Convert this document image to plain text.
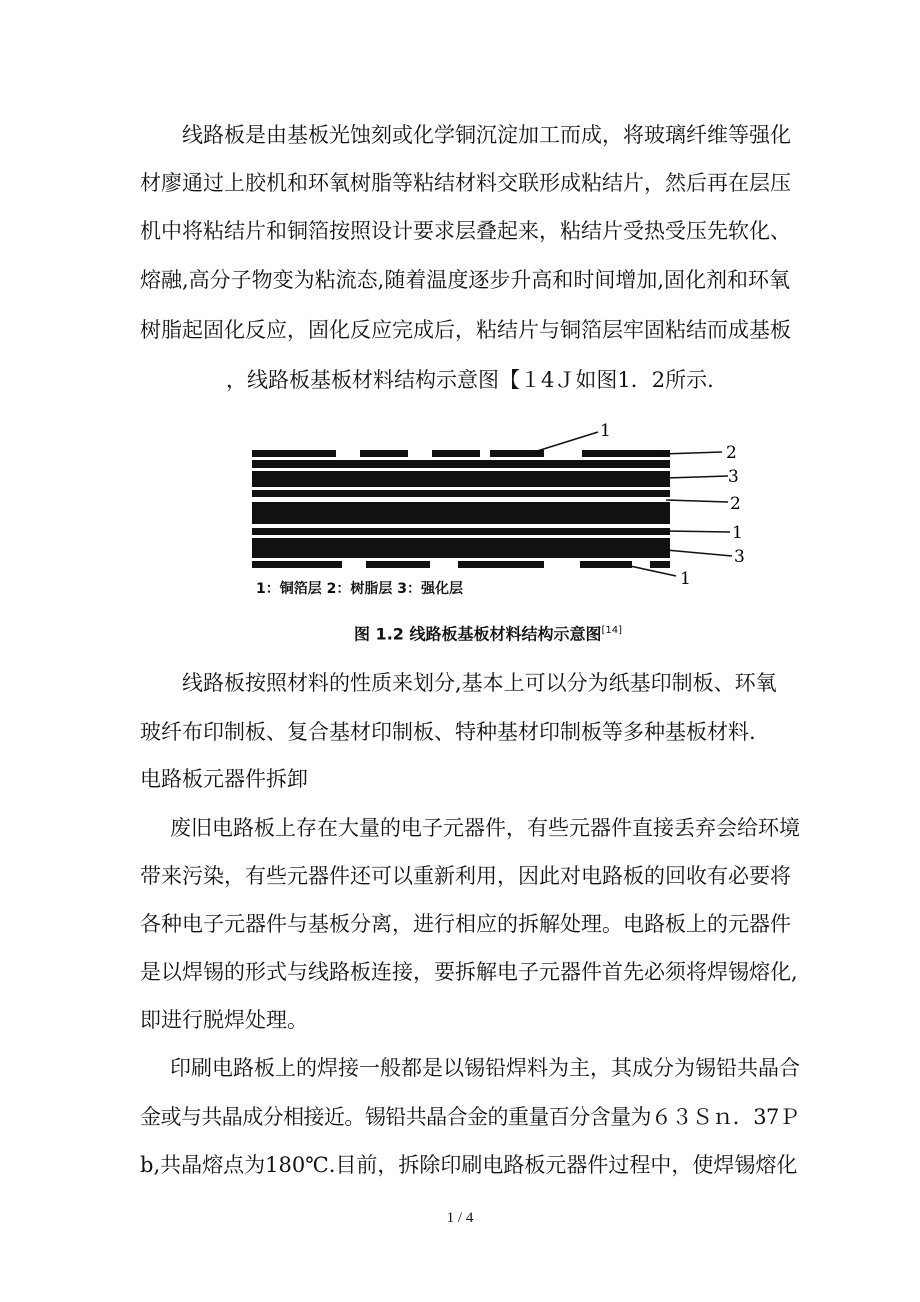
线路板是由基板光蚀刻或化学铜沉淀加工而成，将玻璃纤维等强化
材廖通过上胶机和环氧树脂等粘结材料交联形成粘结片，然后再在层压
机中将粘结片和铜箔按照设计要求层叠起来，粘结片受热受压先软化、
熔融,高分子物变为粘流态,随着温度逐步升高和时间增加,固化剂和环氧
树脂起固化反应，固化反应完成后，粘结片与铜箔层牢固粘结而成基板
，线路板基板材料结构示意图【１4Ｊ如图1．2所示.
1
2
3
2
1
3
1
1：铜箔层 2：树脂层 3：强化层
图 1.2 线路板基板材料结构示意图[14]
线路板按照材料的性质来划分,基本上可以分为纸基印制板、环氧
玻纤布印制板、复合基材印制板、特种基材印制板等多种基板材料.
电路板元器件拆卸
废旧电路板上存在大量的电子元器件，有些元器件直接丢弃会给环境
带来污染，有些元器件还可以重新利用，因此对电路板的回收有必要将
各种电子元器件与基板分离，进行相应的拆解处理。电路板上的元器件
是以焊锡的形式与线路板连接，要拆解电子元器件首先必须将焊锡熔化,
即进行脱焊处理。
印刷电路板上的焊接一般都是以锡铅焊料为主，其成分为锡铅共晶合
金或与共晶成分相接近。锡铅共晶合金的重量百分含量为６３Ｓｎ．37Ｐ
b,共晶熔点为180℃.目前，拆除印刷电路板元器件过程中，使焊锡熔化
1 / 4
